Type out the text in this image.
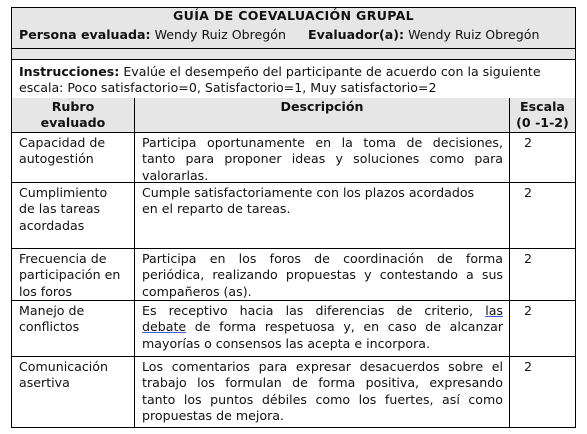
GUÍA DE COEVALUACIÓN GRUPAL
Persona evaluada: Wendy Ruiz Obregón Evaluador(a): Wendy Ruiz Obregón
Instrucciones: Evalúe el desempeño del participante de acuerdo con la siguiente
escala: Poco satisfactorio=0, Satisfactorio=1, Muy satisfactorio=2
Rubro
evaluado
Descripción	Escala
(0 -1-2)
Capacidad de
autogestión
Participa oportunamente en la toma de decisiones,
tanto para proponer ideas y soluciones como para
valorarlas.
2
Cumplimiento
de las tareas
acordadas
Cumple satisfactoriamente con los plazos acordados
en el reparto de tareas.
2
Frecuencia de
participación en
los foros
Participa en los foros de coordinación de forma
periódica, realizando propuestas y contestando a sus
compañeros (as).
2
Manejo de
conflictos
Es receptivo hacia las diferencias de criterio, las
debate de forma respetuosa y, en caso de alcanzar
mayorías o consensos las acepta e incorpora.
2
Comunicación
asertiva
Los comentarios para expresar desacuerdos sobre el
trabajo los formulan de forma positiva, expresando
tanto los puntos débiles como los fuertes, así como
propuestas de mejora.
2
